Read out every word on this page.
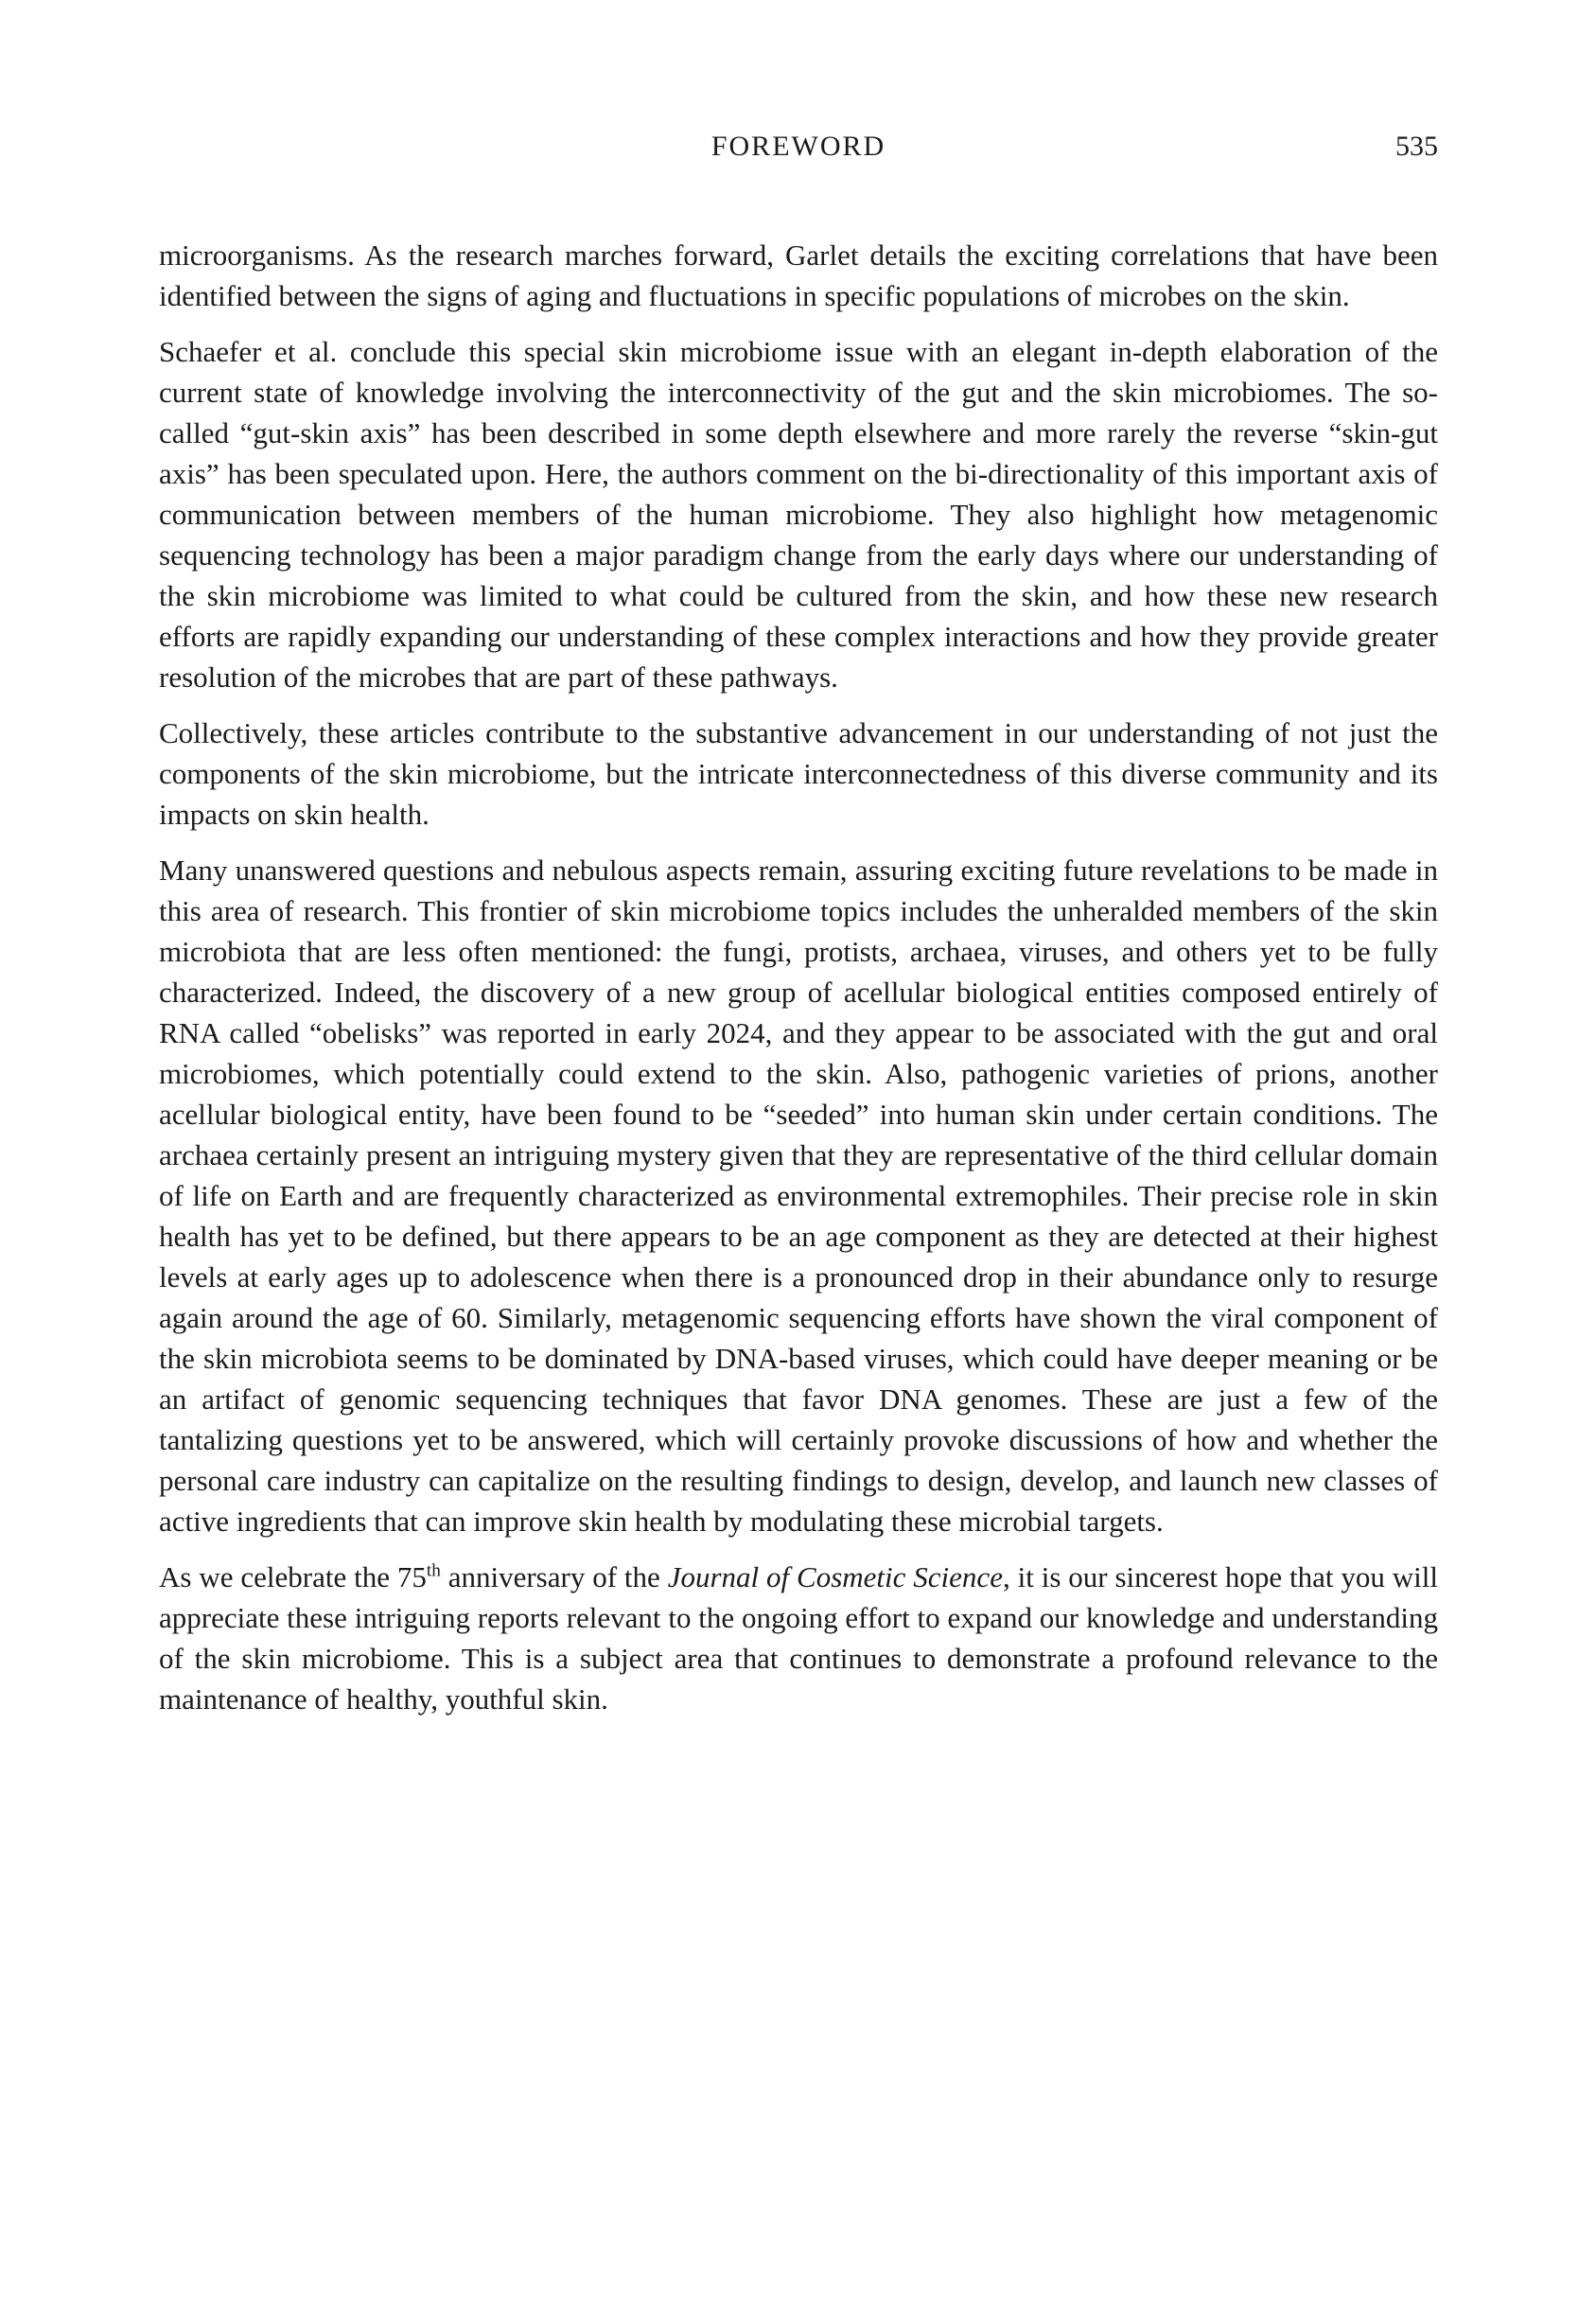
FOREWORD	535

microorganisms. As the research marches forward, Garlet details the exciting correlations that have been identified between the signs of aging and fluctuations in specific populations of microbes on the skin.

Schaefer et al. conclude this special skin microbiome issue with an elegant in-depth elaboration of the current state of knowledge involving the interconnectivity of the gut and the skin microbiomes. The so-called “gut-skin axis” has been described in some depth elsewhere and more rarely the reverse “skin-gut axis” has been speculated upon. Here, the authors comment on the bi-directionality of this important axis of communication between members of the human microbiome. They also highlight how metagenomic sequencing technology has been a major paradigm change from the early days where our understanding of the skin microbiome was limited to what could be cultured from the skin, and how these new research efforts are rapidly expanding our understanding of these complex interactions and how they provide greater resolution of the microbes that are part of these pathways.

Collectively, these articles contribute to the substantive advancement in our understanding of not just the components of the skin microbiome, but the intricate interconnectedness of this diverse community and its impacts on skin health.

Many unanswered questions and nebulous aspects remain, assuring exciting future revelations to be made in this area of research. This frontier of skin microbiome topics includes the unheralded members of the skin microbiota that are less often mentioned: the fungi, protists, archaea, viruses, and others yet to be fully characterized. Indeed, the discovery of a new group of acellular biological entities composed entirely of RNA called “obelisks” was reported in early 2024, and they appear to be associated with the gut and oral microbiomes, which potentially could extend to the skin. Also, pathogenic varieties of prions, another acellular biological entity, have been found to be “seeded” into human skin under certain conditions. The archaea certainly present an intriguing mystery given that they are representative of the third cellular domain of life on Earth and are frequently characterized as environmental extremophiles. Their precise role in skin health has yet to be defined, but there appears to be an age component as they are detected at their highest levels at early ages up to adolescence when there is a pronounced drop in their abundance only to resurge again around the age of 60. Similarly, metagenomic sequencing efforts have shown the viral component of the skin microbiota seems to be dominated by DNA-based viruses, which could have deeper meaning or be an artifact of genomic sequencing techniques that favor DNA genomes. These are just a few of the tantalizing questions yet to be answered, which will certainly provoke discussions of how and whether the personal care industry can capitalize on the resulting findings to design, develop, and launch new classes of active ingredients that can improve skin health by modulating these microbial targets.

As we celebrate the 75th anniversary of the Journal of Cosmetic Science, it is our sincerest hope that you will appreciate these intriguing reports relevant to the ongoing effort to expand our knowledge and understanding of the skin microbiome. This is a subject area that continues to demonstrate a profound relevance to the maintenance of healthy, youthful skin.
